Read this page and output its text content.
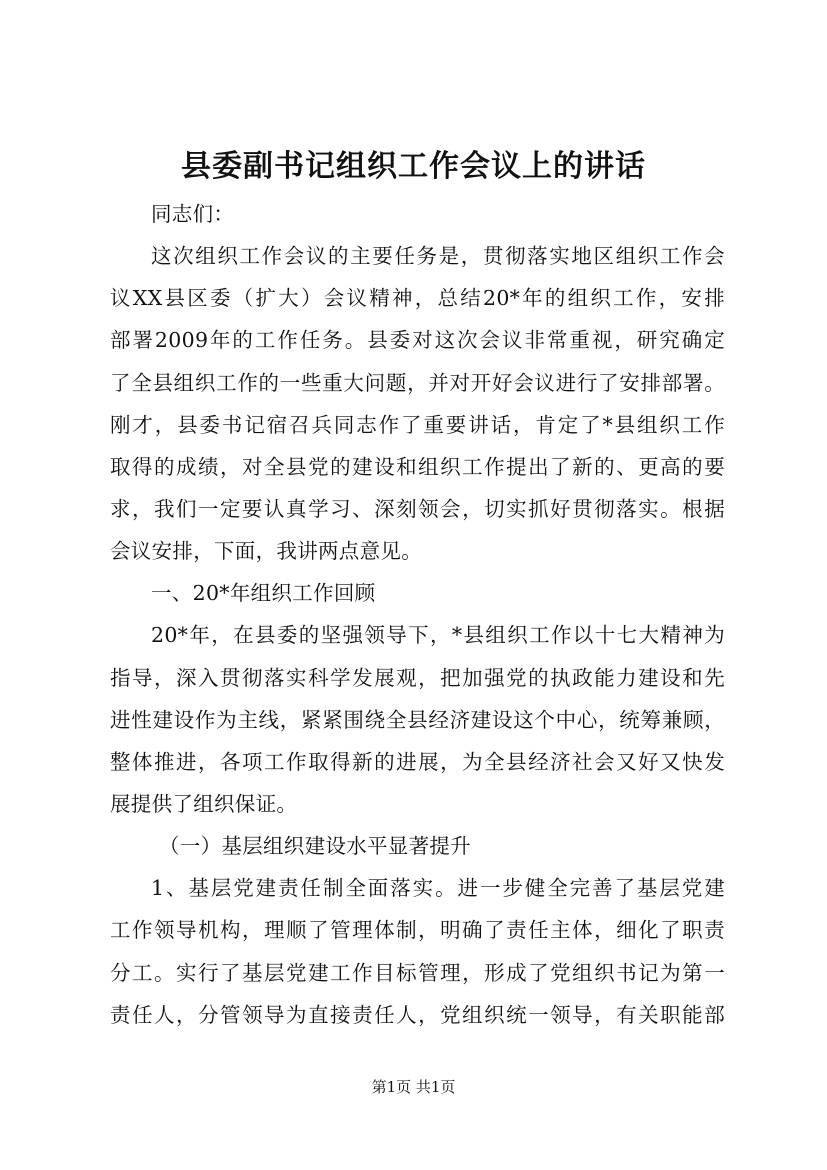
县委副书记组织工作会议上的讲话
同志们：
这次组织工作会议的主要任务是，贯彻落实地区组织工作会
议XX县区委（扩大）会议精神，总结20*年的组织工作，安排
部署2009年的工作任务。县委对这次会议非常重视，研究确定
了全县组织工作的一些重大问题，并对开好会议进行了安排部署。
刚才，县委书记宿召兵同志作了重要讲话，肯定了*县组织工作
取得的成绩，对全县党的建设和组织工作提出了新的、更高的要
求，我们一定要认真学习、深刻领会，切实抓好贯彻落实。根据
会议安排，下面，我讲两点意见。
一、20*年组织工作回顾
20*年，在县委的坚强领导下，*县组织工作以十七大精神为
指导，深入贯彻落实科学发展观，把加强党的执政能力建设和先
进性建设作为主线，紧紧围绕全县经济建设这个中心，统筹兼顾，
整体推进，各项工作取得新的进展，为全县经济社会又好又快发
展提供了组织保证。
（一）基层组织建设水平显著提升
1、基层党建责任制全面落实。进一步健全完善了基层党建
工作领导机构，理顺了管理体制，明确了责任主体，细化了职责
分工。实行了基层党建工作目标管理，形成了党组织书记为第一
责任人，分管领导为直接责任人，党组织统一领导，有关职能部
第1页 共1页
